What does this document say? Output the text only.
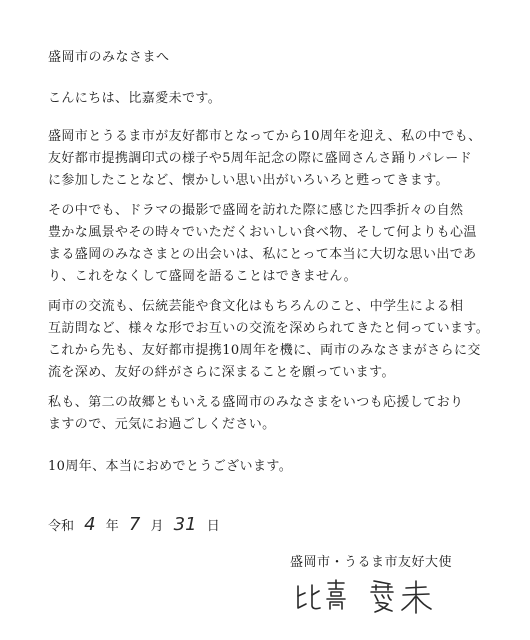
盛岡市のみなさまへ
こんにちは、比嘉愛未です。
盛岡市とうるま市が友好都市となってから10周年を迎え、私の中でも、
友好都市提携調印式の様子や5周年記念の際に盛岡さんさ踊りパレード
に参加したことなど、懐かしい思い出がいろいろと甦ってきます。
その中でも、ドラマの撮影で盛岡を訪れた際に感じた四季折々の自然
豊かな風景やその時々でいただくおいしい食べ物、そして何よりも心温
まる盛岡のみなさまとの出会いは、私にとって本当に大切な思い出であ
り、これをなくして盛岡を語ることはできません。
両市の交流も、伝統芸能や食文化はもちろんのこと、中学生による相
互訪問など、様々な形でお互いの交流を深められてきたと伺っています。
これから先も、友好都市提携10周年を機に、両市のみなさまがさらに交
流を深め、友好の絆がさらに深まることを願っています。
私も、第二の故郷ともいえる盛岡市のみなさまをいつも応援しており
ますので、元気にお過ごしください。
10周年、本当におめでとうございます。
令和 4 年 7 月 31 日
盛岡市・うるま市友好大使
